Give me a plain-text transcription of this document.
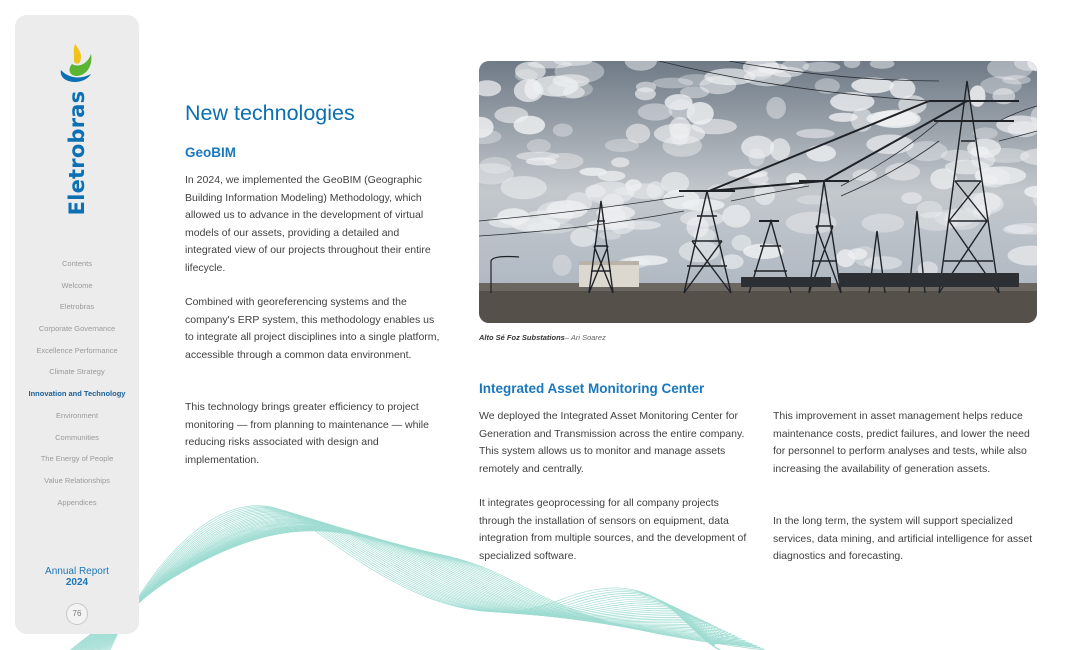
Eletrobras
Contents
Welcome
Eletrobras
Corporate Governance
Excellence Performance
Climate Strategy
Innovation and Technology
Environment
Communities
The Energy of People
Value Relationships
Appendices
Annual Report
2024
76
New technologies
GeoBIM

In 2024, we implemented the GeoBIM (Geographic Building Information Modeling) Methodology, which allowed us to advance in the development of virtual models of our assets, providing a detailed and integrated view of our projects throughout their entire lifecycle.

Combined with georeferencing systems and the company's ERP system, this methodology enables us to integrate all project disciplines into a single platform, accessible through a common data environment.

This technology brings greater efficiency to project monitoring — from planning to maintenance — while reducing risks associated with design and implementation.

Alto Sé Foz Substations– Ari Soarez
Integrated Asset Monitoring Center

We deployed the Integrated Asset Monitoring Center for Generation and Transmission across the entire company. This system allows us to monitor and manage assets remotely and centrally.

It integrates geoprocessing for all company projects through the installation of sensors on equipment, data integration from multiple sources, and the development of specialized software.

This improvement in asset management helps reduce maintenance costs, predict failures, and lower the need for personnel to perform analyses and tests, while also increasing the availability of generation assets.

In the long term, the system will support specialized services, data mining, and artificial intelligence for asset diagnostics and forecasting.
